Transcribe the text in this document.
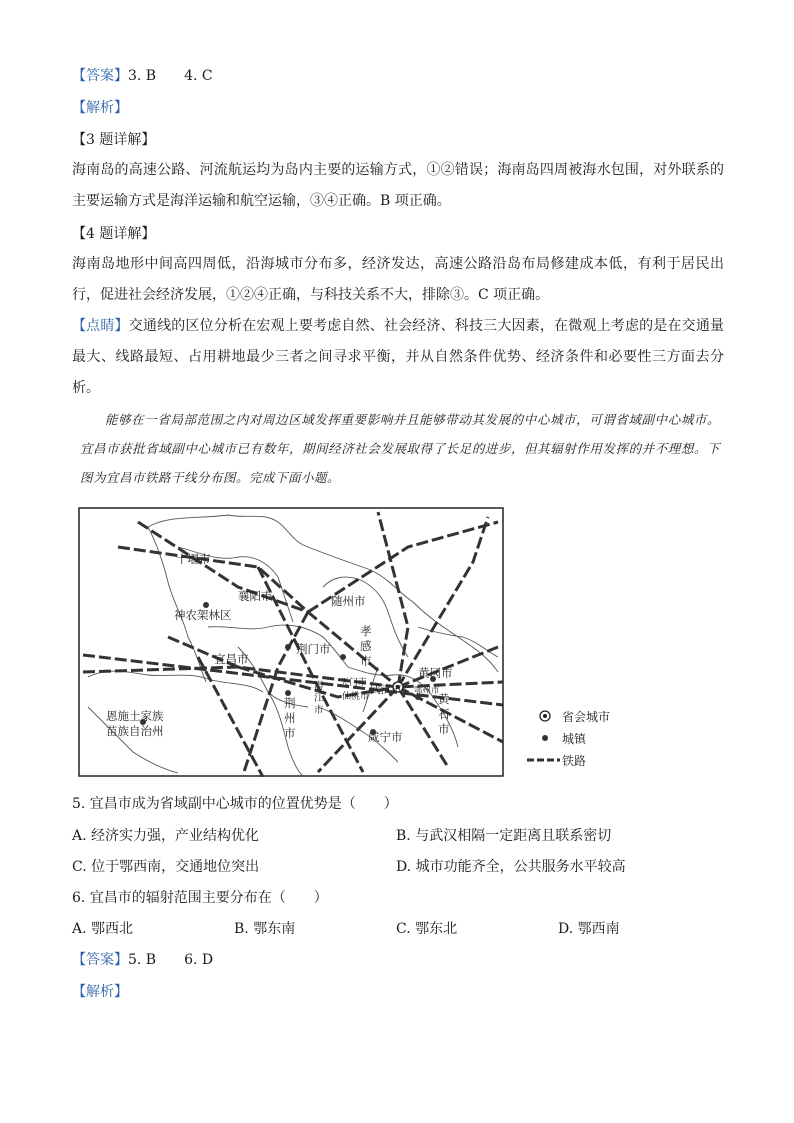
【答案】3. B　　4. C
【解析】
【3 题详解】
海南岛的高速公路、河流航运均为岛内主要的运输方式，①②错误；海南岛四周被海水包围，对外联系的主要运输方式是海洋运输和航空运输，③④正确。B 项正确。
【4 题详解】
海南岛地形中间高四周低，沿海城市分布多，经济发达，高速公路沿岛布局修建成本低，有利于居民出行，促进社会经济发展，①②④正确，与科技关系不大，排除③。C 项正确。
【点睛】交通线的区位分析在宏观上要考虑自然、社会经济、科技三大因素，在微观上考虑的是在交通量最大、线路最短、占用耕地最少三者之间寻求平衡，并从自然条件优势、经济条件和必要性三方面去分析。
能够在一省局部范围之内对周边区域发挥重要影响并且能够带动其发展的中心城市，可谓省域副中心城市。宜昌市获批省域副中心城市已有数年，期间经济社会发展取得了长足的进步，但其辐射作用发挥的并不理想。下图为宜昌市铁路干线分布图。完成下面小题。
十堰市
襄阳市
神农架林区
随州市
宜昌市
荆门市
孝
感
市
黄冈市
恩施土家族
苗族自治州
荆
州
市
潜
江
市
天门市
仙桃市
武汉市 鄂州市
黄
石
市
咸宁市
省会城市
城镇
铁路
5. 宜昌市成为省域副中心城市的位置优势是（　　）
A. 经济实力强，产业结构优化	B. 与武汉相隔一定距离且联系密切
C. 位于鄂西南，交通地位突出	D. 城市功能齐全，公共服务水平较高
6. 宜昌市的辐射范围主要分布在（　　）
A. 鄂西北	B. 鄂东南	C. 鄂东北	D. 鄂西南
【答案】5. B　　6. D
【解析】
